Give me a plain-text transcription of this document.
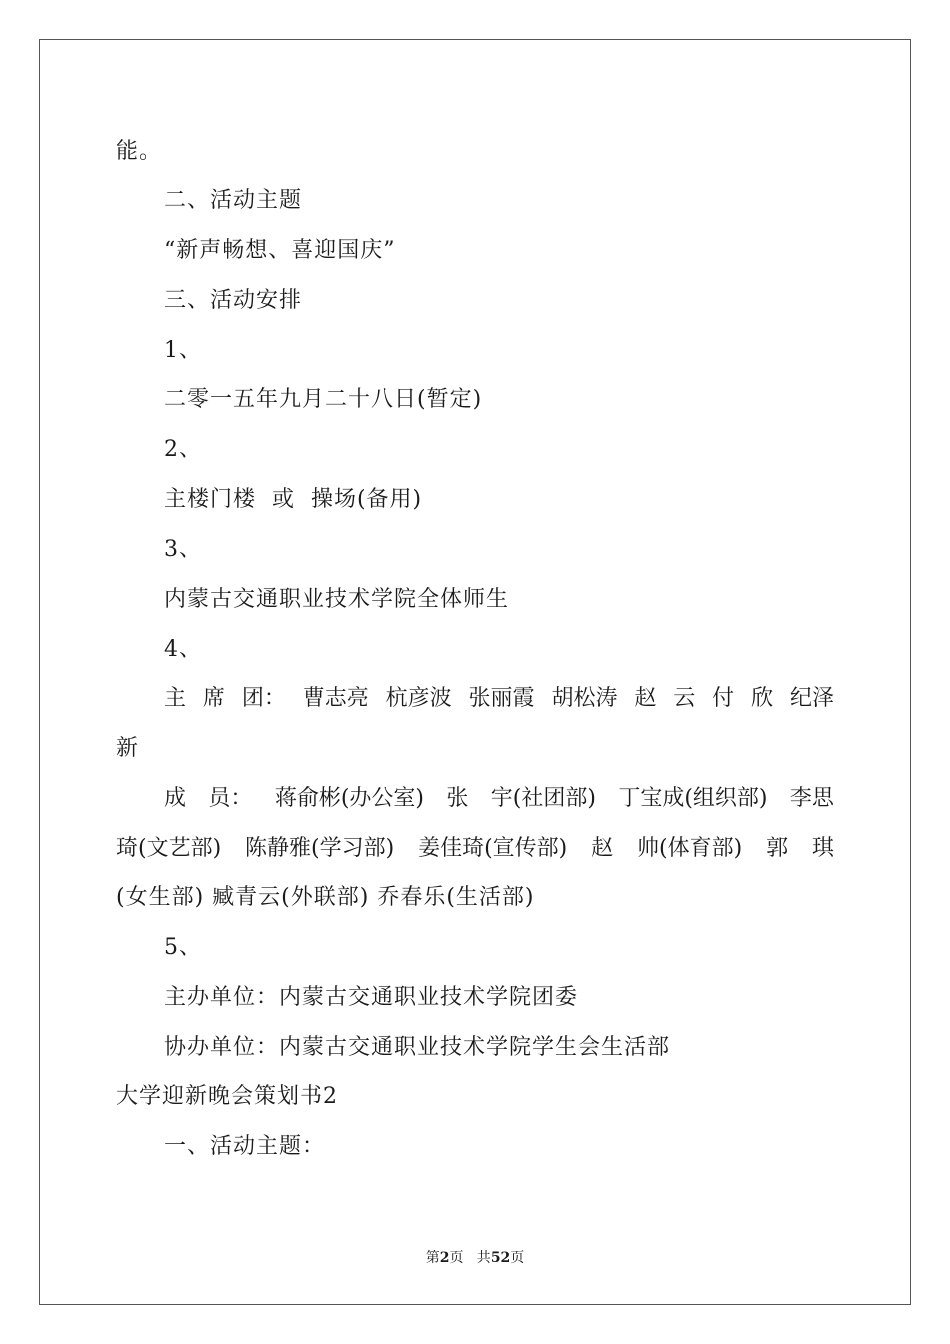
能。
二、活动主题
“新声畅想、喜迎国庆”
三、活动安排
1、
二零一五年九月二十八日(暂定)
2、
主楼门楼  或  操场(备用)
3、
内蒙古交通职业技术学院全体师生
4、
主 席 团： 曹志亮 杭彦波 张丽霞 胡松涛 赵 云 付 欣 纪泽
新
成 员： 蒋俞彬(办公室) 张 宇(社团部) 丁宝成(组织部) 李思
琦(文艺部) 陈静雅(学习部) 姜佳琦(宣传部) 赵 帅(体育部) 郭 琪
(女生部) 臧青云(外联部) 乔春乐(生活部)
5、
主办单位：内蒙古交通职业技术学院团委
协办单位：内蒙古交通职业技术学院学生会生活部
大学迎新晚会策划书2
一、活动主题：
第2页   共52页
